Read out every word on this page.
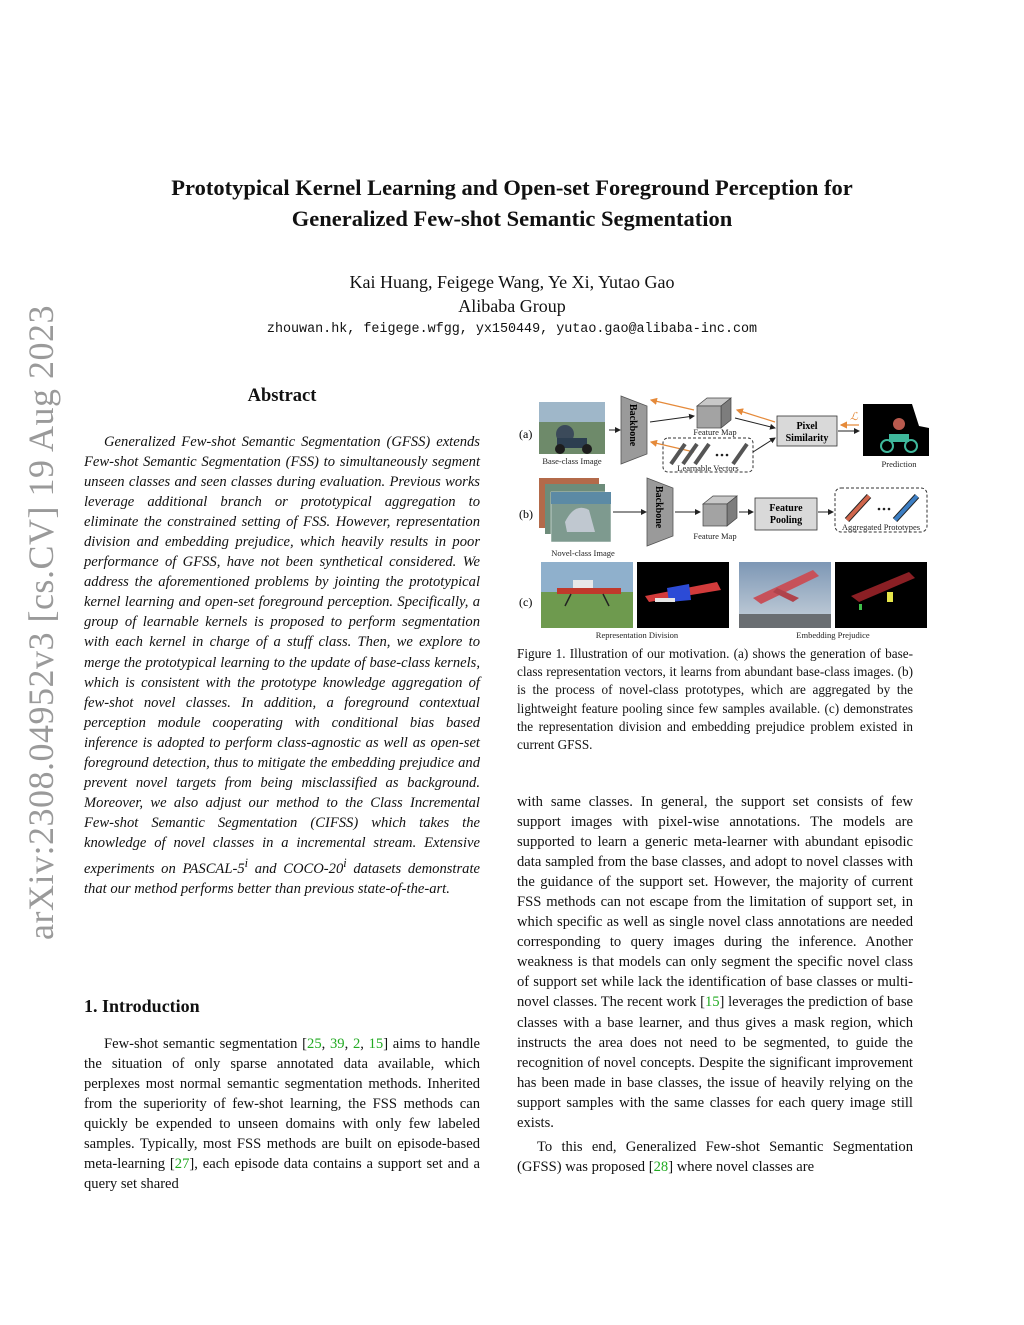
arXiv:2308.04952v3 [cs.CV] 19 Aug 2023
Prototypical Kernel Learning and Open-set Foreground Perception for
Generalized Few-shot Semantic Segmentation
Kai Huang, Feigege Wang, Ye Xi, Yutao Gao
Alibaba Group
zhouwan.hk, feigege.wfgg, yx150449, yutao.gao@alibaba-inc.com
Abstract

Generalized Few-shot Semantic Segmentation (GFSS) extends Few-shot Semantic Segmentation (FSS) to simultaneously segment unseen classes and seen classes during evaluation. Previous works leverage additional branch or prototypical aggregation to eliminate the constrained setting of FSS. However, representation division and embedding prejudice, which heavily results in poor performance of GFSS, have not been synthetical considered. We address the aforementioned problems by jointing the prototypical kernel learning and open-set foreground perception. Specifically, a group of learnable kernels is proposed to perform segmentation with each kernel in charge of a stuff class. Then, we explore to merge the prototypical learning to the update of base-class kernels, which is consistent with the prototype knowledge aggregation of few-shot novel classes. In addition, a foreground contextual perception module cooperating with conditional bias based inference is adopted to perform class-agnostic as well as open-set foreground detection, thus to mitigate the embedding prejudice and prevent novel targets from being misclassified as background. Moreover, we also adjust our method to the Class Incremental Few-shot Semantic Segmentation (CIFSS) which takes the knowledge of novel classes in a incremental stream. Extensive experiments on PASCAL-5$^i$ and COCO-20$^i$ datasets demonstrate that our method performs better than previous state-of-the-art.

1. Introduction

Few-shot semantic segmentation [25, 39, 2, 15] aims to handle the situation of only sparse annotated data available, which perplexes most normal semantic segmentation methods. Inherited from the superiority of few-shot learning, the FSS methods can quickly be expended to unseen domains with only few labeled samples. Typically, most FSS methods are built on episode-based meta-learning [27], each episode data contains a support set and a query set shared

(a)
Base-class Image
Backbone	Feature Map
Learnable Vectors
Pixel
Similarity
ℒ
Prediction
(b)
Novel-class Image
Backbone
Feature Map
Feature
Pooling
Aggregated Prototypes
(c)
Representation Division	Embedding Prejudice

Figure 1. Illustration of our motivation. (a) shows the generation of base-class representation vectors, it learns from abundant base-class images. (b) is the process of novel-class prototypes, which are aggregated by the lightweight feature pooling since few samples available. (c) demonstrates the representation division and embedding prejudice problem existed in current GFSS.

with same classes. In general, the support set consists of few support images with pixel-wise annotations. The models are supported to learn a generic meta-learner with abundant episodic data sampled from the base classes, and adopt to novel classes with the guidance of the support set. However, the majority of current FSS methods can not escape from the limitation of support set, in which specific as well as single novel class annotations are needed corresponding to query images during the inference. Another weakness is that models can only segment the specific novel class of support set while lack the identification of base classes or multi-novel classes. The recent work [15] leverages the prediction of base classes with a base learner, and thus gives a mask region, which instructs the area does not need to be segmented, to guide the recognition of novel concepts. Despite the significant improvement has been made in base classes, the issue of heavily relying on the support samples with the same classes for each query image still exists.

To this end, Generalized Few-shot Semantic Segmentation (GFSS) was proposed [28] where novel classes are
